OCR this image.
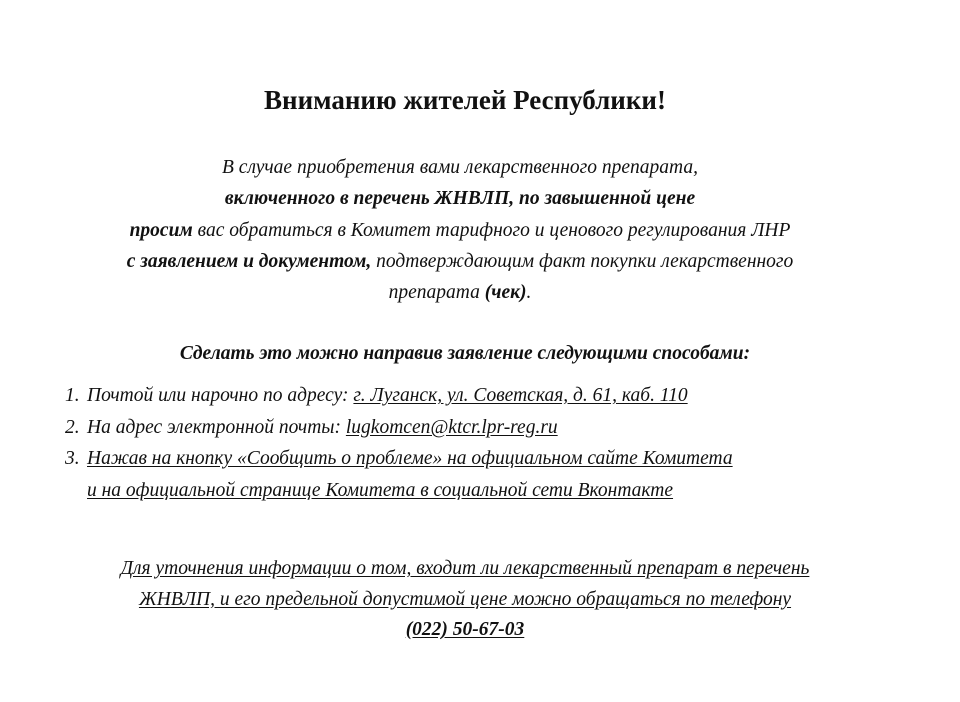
Вниманию жителей Республики!
В случае приобретения вами лекарственного препарата,
включенного в перечень ЖНВЛП, по завышенной цене
просим вас обратиться в Комитет тарифного и ценового регулирования ЛНР
с заявлением и документом, подтверждающим факт покупки лекарственного
препарата (чек).
Сделать это можно направив заявление следующими способами:
1. Почтой или нарочно по адресу: г. Луганск, ул. Советская, д. 61, каб. 110
2. На адрес электронной почты: lugkomcen@ktcr.lpr-reg.ru
3. Нажав на кнопку «Сообщить о проблеме» на официальном сайте Комитета
и на официальной странице Комитета в социальной сети Вконтакте
Для уточнения информации о том, входит ли лекарственный препарат в перечень
ЖНВЛП, и его предельной допустимой цене можно обращаться по телефону
(022) 50-67-03
